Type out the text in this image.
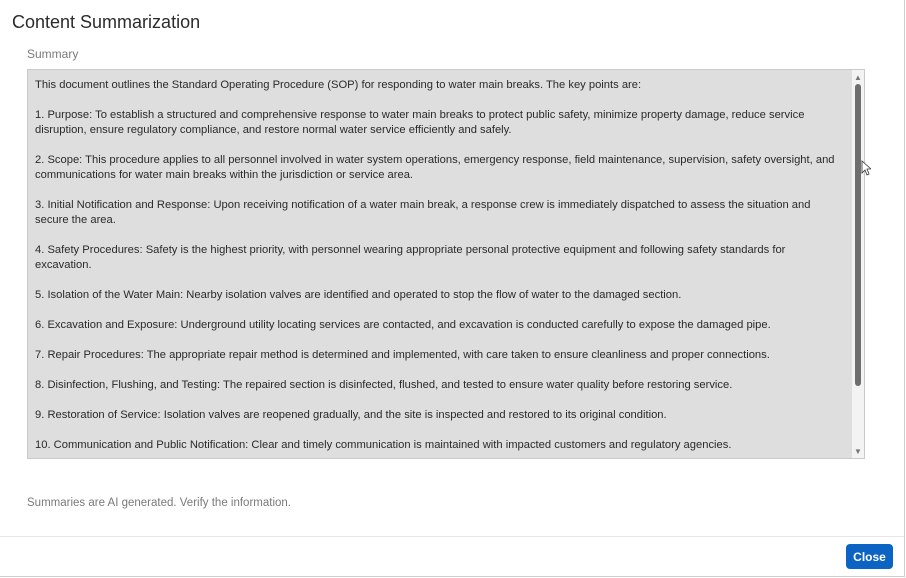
Content Summarization
Summary

This document outlines the Standard Operating Procedure (SOP) for responding to water main breaks. The key points are:

1. Purpose: To establish a structured and comprehensive response to water main breaks to protect public safety, minimize property damage, reduce service disruption, ensure regulatory compliance, and restore normal water service efficiently and safely.

2. Scope: This procedure applies to all personnel involved in water system operations, emergency response, field maintenance, supervision, safety oversight, and communications for water main breaks within the jurisdiction or service area.

3. Initial Notification and Response: Upon receiving notification of a water main break, a response crew is immediately dispatched to assess the situation and secure the area.

4. Safety Procedures: Safety is the highest priority, with personnel wearing appropriate personal protective equipment and following safety standards for excavation.

5. Isolation of the Water Main: Nearby isolation valves are identified and operated to stop the flow of water to the damaged section.

6. Excavation and Exposure: Underground utility locating services are contacted, and excavation is conducted carefully to expose the damaged pipe.

7. Repair Procedures: The appropriate repair method is determined and implemented, with care taken to ensure cleanliness and proper connections.

8. Disinfection, Flushing, and Testing: The repaired section is disinfected, flushed, and tested to ensure water quality before restoring service.

9. Restoration of Service: Isolation valves are reopened gradually, and the site is inspected and restored to its original condition.

10. Communication and Public Notification: Clear and timely communication is maintained with impacted customers and regulatory agencies.

▲
▼
Summaries are AI generated. Verify the information.
Close
